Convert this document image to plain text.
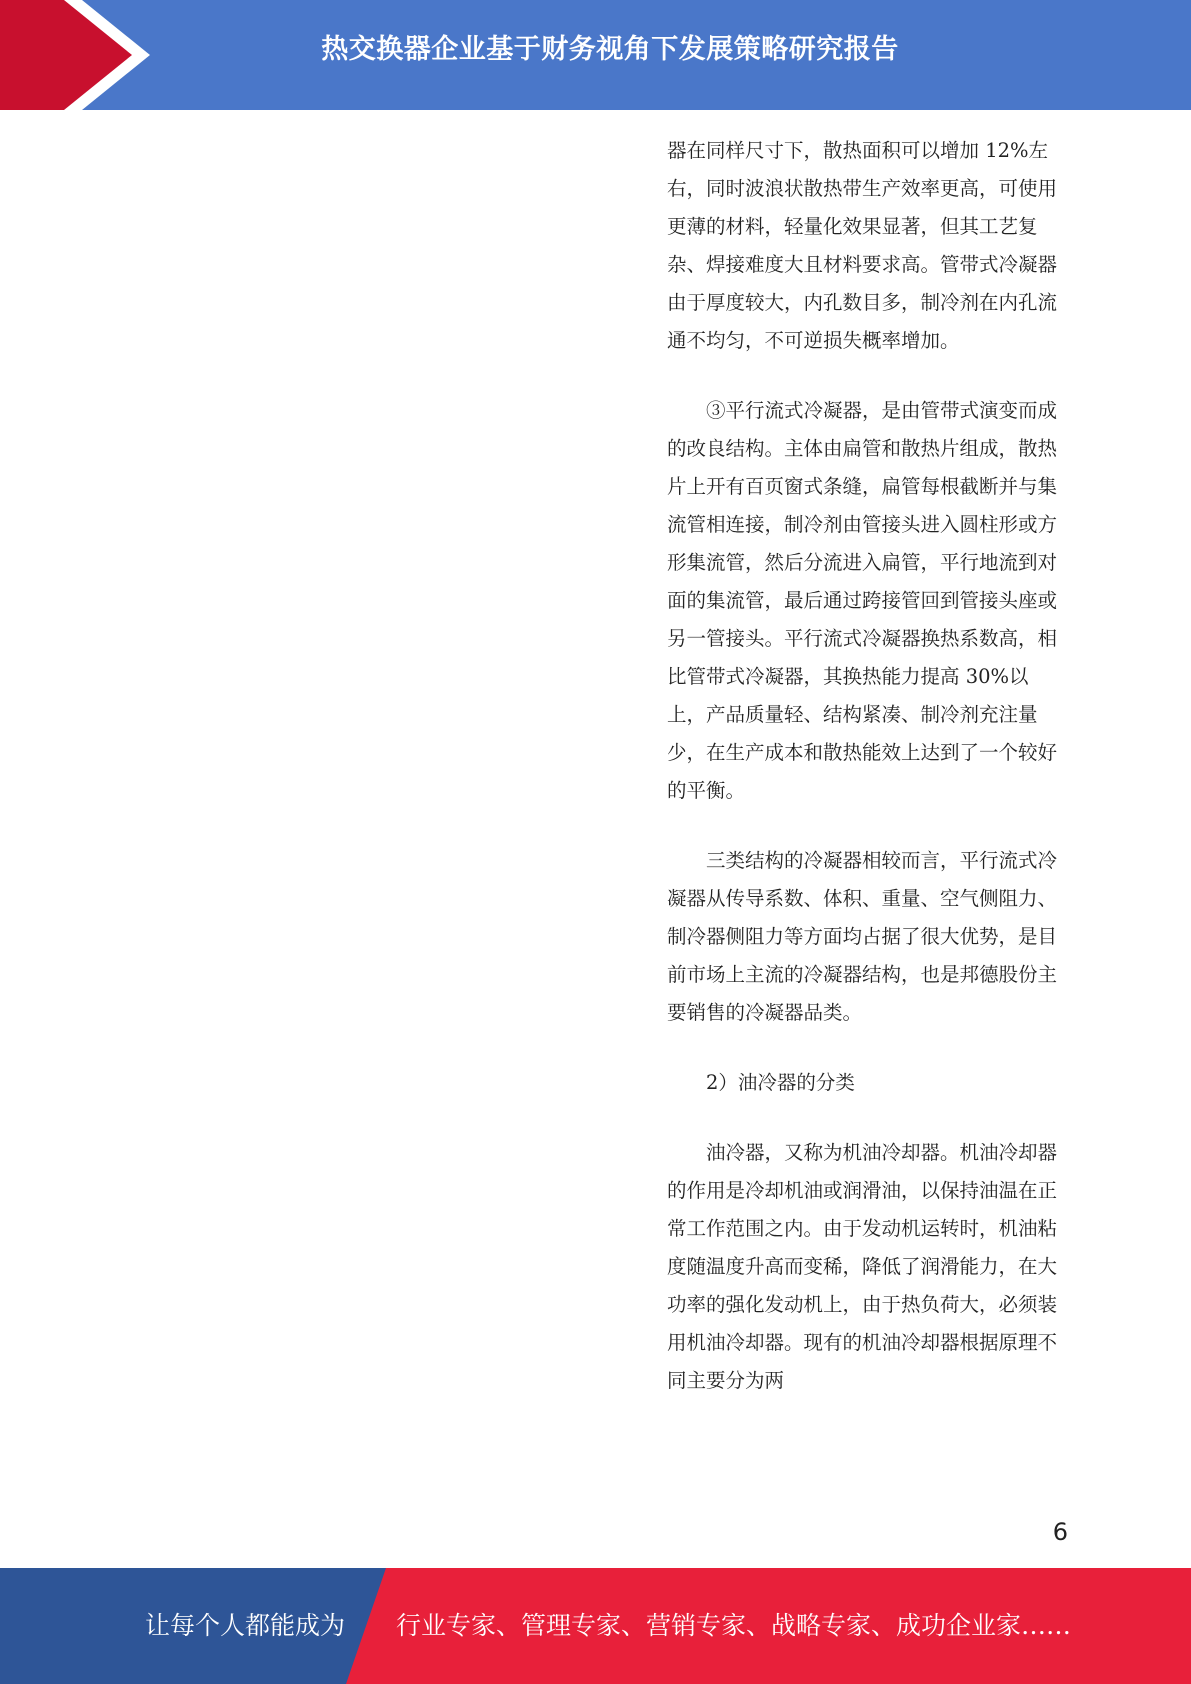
热交换器企业基于财务视角下发展策略研究报告

器在同样尺寸下，散热面积可以增加 12%左右，同时波浪状散热带生产效率更高，可使用更薄的材料，轻量化效果显著，但其工艺复杂、焊接难度大且材料要求高。管带式冷凝器由于厚度较大，内孔数目多，制冷剂在内孔流通不均匀，不可逆损失概率增加。

③平行流式冷凝器，是由管带式演变而成的改良结构。主体由扁管和散热片组成，散热片上开有百页窗式条缝，扁管每根截断并与集流管相连接，制冷剂由管接头进入圆柱形或方形集流管，然后分流进入扁管，平行地流到对面的集流管，最后通过跨接管回到管接头座或另一管接头。平行流式冷凝器换热系数高，相比管带式冷凝器，其换热能力提高 30%以上，产品质量轻、结构紧凑、制冷剂充注量少，在生产成本和散热能效上达到了一个较好的平衡。

三类结构的冷凝器相较而言，平行流式冷凝器从传导系数、体积、重量、空气侧阻力、制冷器侧阻力等方面均占据了很大优势，是目前市场上主流的冷凝器结构，也是邦德股份主要销售的冷凝器品类。

2）油冷器的分类

油冷器，又称为机油冷却器。机油冷却器的作用是冷却机油或润滑油，以保持油温在正常工作范围之内。由于发动机运转时，机油粘度随温度升高而变稀，降低了润滑能力，在大功率的强化发动机上，由于热负荷大，必须装用机油冷却器。现有的机油冷却器根据原理不同主要分为两

6
让每个人都能成为	行业专家、管理专家、营销专家、战略专家、成功企业家……
